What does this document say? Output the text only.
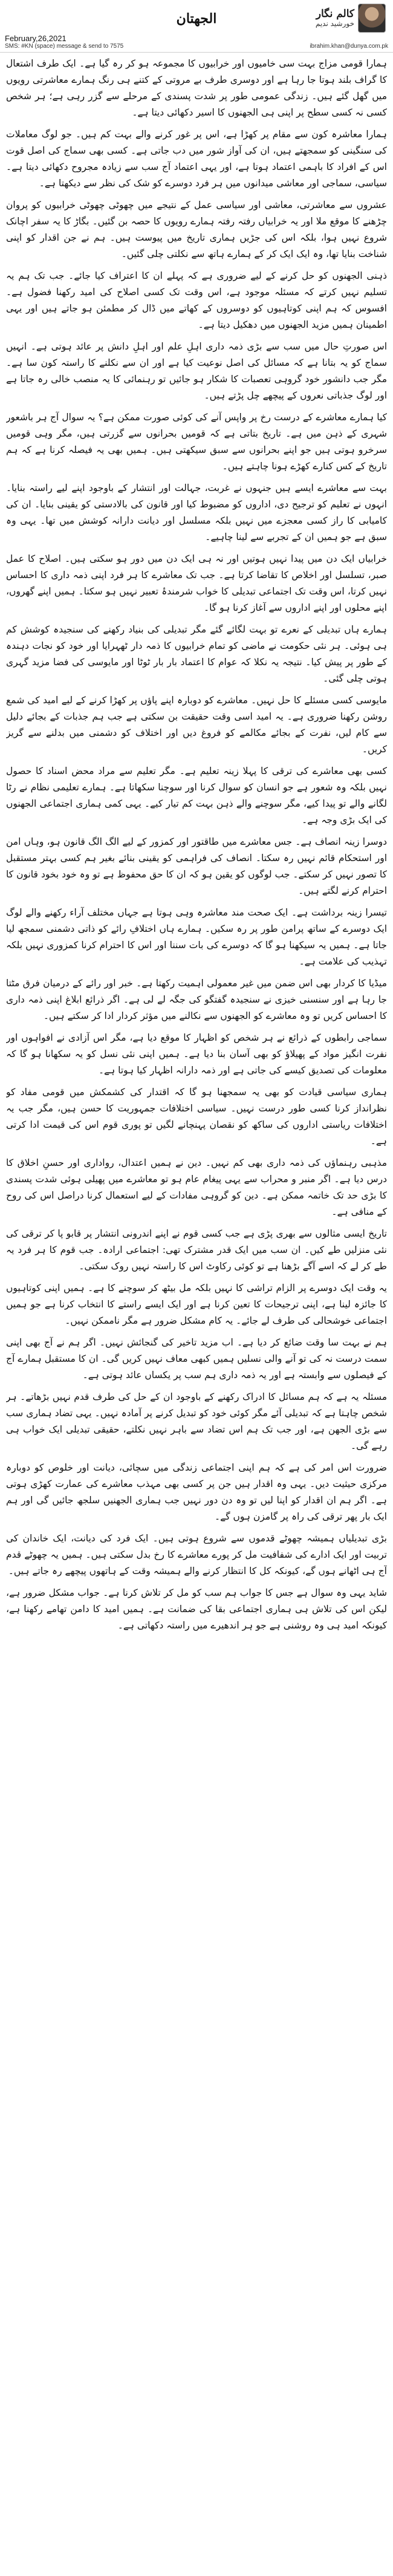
کالم نگار
خورشید ندیم
الجھتان
February,26,2021
SMS: #KN (space) message & send to 7575	ibrahim.khan@dunya.com.pk

ہمارا قومی مزاج بہت سی خامیوں اور خرابیوں کا مجموعہ ہو کر رہ گیا ہے۔ ایک طرف اشتعال کا گراف بلند ہوتا جا رہا ہے اور دوسری طرف بے مروتی کے کتنے ہی رنگ ہمارے معاشرتی رویوں میں گھل گئے ہیں۔ زندگی عمومی طور پر شدت پسندی کے مرحلے سے گزر رہی ہے؛ ہر شخص کسی نہ کسی سطح پر اپنی ہی الجھنوں کا اسیر دکھائی دیتا ہے۔

ہمارا معاشرہ کون سے مقام پر کھڑا ہے، اس پر غور کرنے والے بہت کم ہیں۔ جو لوگ معاملات کی سنگینی کو سمجھتے ہیں، ان کی آواز شور میں دب جاتی ہے۔ کسی بھی سماج کی اصل قوت اس کے افراد کا باہمی اعتماد ہوتا ہے، اور یہی اعتماد آج سب سے زیادہ مجروح دکھائی دیتا ہے۔ سیاسی، سماجی اور معاشی میدانوں میں ہر فرد دوسرے کو شک کی نظر سے دیکھتا ہے۔

عشروں سے معاشرتی، معاشی اور سیاسی عمل کے نتیجے میں چھوٹی چھوٹی خرابیوں کو پروان چڑھنے کا موقع ملا اور یہ خرابیاں رفتہ رفتہ ہمارے رویوں کا حصہ بن گئیں۔ بگاڑ کا یہ سفر اچانک شروع نہیں ہوا، بلکہ اس کی جڑیں ہماری تاریخ میں پیوست ہیں۔ ہم نے جن اقدار کو اپنی شناخت بنایا تھا، وہ ایک ایک کر کے ہمارے ہاتھ سے نکلتی چلی گئیں۔

ذہنی الجھنوں کو حل کرنے کے لیے ضروری ہے کہ پہلے ان کا اعتراف کیا جائے۔ جب تک ہم یہ تسلیم نہیں کرتے کہ مسئلہ موجود ہے، اس وقت تک کسی اصلاح کی امید رکھنا فضول ہے۔ افسوس کہ ہم اپنی کوتاہیوں کو دوسروں کے کھاتے میں ڈال کر مطمئن ہو جاتے ہیں اور یہی اطمینان ہمیں مزید الجھنوں میں دھکیل دیتا ہے۔

اس صورتِ حال میں سب سے بڑی ذمہ داری اہلِ علم اور اہلِ دانش پر عائد ہوتی ہے۔ انہیں سماج کو یہ بتانا ہے کہ مسائل کی اصل نوعیت کیا ہے اور ان سے نکلنے کا راستہ کون سا ہے۔ مگر جب دانشور خود گروہی تعصبات کا شکار ہو جائیں تو رہنمائی کا یہ منصب خالی رہ جاتا ہے اور لوگ جذباتی نعروں کے پیچھے چل پڑتے ہیں۔

کیا ہمارے معاشرے کے درست رخ پر واپس آنے کی کوئی صورت ممکن ہے؟ یہ سوال آج ہر باشعور شہری کے ذہن میں ہے۔ تاریخ بتاتی ہے کہ قومیں بحرانوں سے گزرتی ہیں، مگر وہی قومیں سرخرو ہوتی ہیں جو اپنے بحرانوں سے سبق سیکھتی ہیں۔ ہمیں بھی یہ فیصلہ کرنا ہے کہ ہم تاریخ کے کس کنارے کھڑے ہونا چاہتے ہیں۔

بہت سے معاشرے ایسے ہیں جنہوں نے غربت، جہالت اور انتشار کے باوجود اپنے لیے راستہ بنایا۔ انہوں نے تعلیم کو ترجیح دی، اداروں کو مضبوط کیا اور قانون کی بالادستی کو یقینی بنایا۔ ان کی کامیابی کا راز کسی معجزے میں نہیں بلکہ مسلسل اور دیانت دارانہ کوشش میں تھا۔ یہی وہ سبق ہے جو ہمیں ان کے تجربے سے لینا چاہیے۔

خرابیاں ایک دن میں پیدا نہیں ہوتیں اور نہ ہی ایک دن میں دور ہو سکتی ہیں۔ اصلاح کا عمل صبر، تسلسل اور اخلاص کا تقاضا کرتا ہے۔ جب تک معاشرے کا ہر فرد اپنی ذمہ داری کا احساس نہیں کرتا، اس وقت تک اجتماعی تبدیلی کا خواب شرمندۂ تعبیر نہیں ہو سکتا۔ ہمیں اپنے گھروں، اپنے محلوں اور اپنے اداروں سے آغاز کرنا ہو گا۔

ہمارے ہاں تبدیلی کے نعرے تو بہت لگائے گئے مگر تبدیلی کی بنیاد رکھنے کی سنجیدہ کوشش کم ہی ہوئی۔ ہر نئی حکومت نے ماضی کو تمام خرابیوں کا ذمہ دار ٹھہرایا اور خود کو نجات دہندہ کے طور پر پیش کیا۔ نتیجہ یہ نکلا کہ عوام کا اعتماد بار بار ٹوٹا اور مایوسی کی فضا مزید گہری ہوتی چلی گئی۔

مایوسی کسی مسئلے کا حل نہیں۔ معاشرے کو دوبارہ اپنے پاؤں پر کھڑا کرنے کے لیے امید کی شمع روشن رکھنا ضروری ہے۔ یہ امید اسی وقت حقیقت بن سکتی ہے جب ہم جذبات کے بجائے دلیل سے کام لیں، نفرت کے بجائے مکالمے کو فروغ دیں اور اختلاف کو دشمنی میں بدلنے سے گریز کریں۔

کسی بھی معاشرے کی ترقی کا پہلا زینہ تعلیم ہے۔ مگر تعلیم سے مراد محض اسناد کا حصول نہیں بلکہ وہ شعور ہے جو انسان کو سوال کرنا اور سوچنا سکھاتا ہے۔ ہمارے تعلیمی نظام نے رٹا لگانے والے تو پیدا کیے، مگر سوچنے والے ذہن بہت کم تیار کیے۔ یہی کمی ہماری اجتماعی الجھنوں کی ایک بڑی وجہ ہے۔

دوسرا زینہ انصاف ہے۔ جس معاشرے میں طاقتور اور کمزور کے لیے الگ الگ قانون ہو، وہاں امن اور استحکام قائم نہیں رہ سکتا۔ انصاف کی فراہمی کو یقینی بنائے بغیر ہم کسی بہتر مستقبل کا تصور نہیں کر سکتے۔ جب لوگوں کو یقین ہو کہ ان کا حق محفوظ ہے تو وہ خود بخود قانون کا احترام کرنے لگتے ہیں۔

تیسرا زینہ برداشت ہے۔ ایک صحت مند معاشرہ وہی ہوتا ہے جہاں مختلف آراء رکھنے والے لوگ ایک دوسرے کے ساتھ پرامن طور پر رہ سکیں۔ ہمارے ہاں اختلافِ رائے کو ذاتی دشمنی سمجھ لیا جاتا ہے۔ ہمیں یہ سیکھنا ہو گا کہ دوسرے کی بات سننا اور اس کا احترام کرنا کمزوری نہیں بلکہ تہذیب کی علامت ہے۔

میڈیا کا کردار بھی اس ضمن میں غیر معمولی اہمیت رکھتا ہے۔ خبر اور رائے کے درمیان فرق مٹتا جا رہا ہے اور سنسنی خیزی نے سنجیدہ گفتگو کی جگہ لے لی ہے۔ اگر ذرائع ابلاغ اپنی ذمہ داری کا احساس کریں تو وہ معاشرے کو الجھنوں سے نکالنے میں مؤثر کردار ادا کر سکتے ہیں۔

سماجی رابطوں کے ذرائع نے ہر شخص کو اظہار کا موقع دیا ہے، مگر اس آزادی نے افواہوں اور نفرت انگیز مواد کے پھیلاؤ کو بھی آسان بنا دیا ہے۔ ہمیں اپنی نئی نسل کو یہ سکھانا ہو گا کہ معلومات کی تصدیق کیسے کی جاتی ہے اور ذمہ دارانہ اظہار کیا ہوتا ہے۔

ہماری سیاسی قیادت کو بھی یہ سمجھنا ہو گا کہ اقتدار کی کشمکش میں قومی مفاد کو نظرانداز کرنا کسی طور درست نہیں۔ سیاسی اختلافات جمہوریت کا حسن ہیں، مگر جب یہ اختلافات ریاستی اداروں کی ساکھ کو نقصان پہنچانے لگیں تو پوری قوم اس کی قیمت ادا کرتی ہے۔

مذہبی رہنماؤں کی ذمہ داری بھی کم نہیں۔ دین نے ہمیں اعتدال، رواداری اور حسنِ اخلاق کا درس دیا ہے۔ اگر منبر و محراب سے یہی پیغام عام ہو تو معاشرے میں پھیلی ہوئی شدت پسندی کا بڑی حد تک خاتمہ ممکن ہے۔ دین کو گروہی مفادات کے لیے استعمال کرنا دراصل اس کی روح کے منافی ہے۔

تاریخ ایسی مثالوں سے بھری پڑی ہے جب کسی قوم نے اپنے اندرونی انتشار پر قابو پا کر ترقی کی نئی منزلیں طے کیں۔ ان سب میں ایک قدر مشترک تھی: اجتماعی ارادہ۔ جب قوم کا ہر فرد یہ طے کر لے کہ اسے آگے بڑھنا ہے تو کوئی رکاوٹ اس کا راستہ نہیں روک سکتی۔

یہ وقت ایک دوسرے پر الزام تراشی کا نہیں بلکہ مل بیٹھ کر سوچنے کا ہے۔ ہمیں اپنی کوتاہیوں کا جائزہ لینا ہے، اپنی ترجیحات کا تعین کرنا ہے اور ایک ایسے راستے کا انتخاب کرنا ہے جو ہمیں اجتماعی خوشحالی کی طرف لے جائے۔ یہ کام مشکل ضرور ہے مگر ناممکن نہیں۔

ہم نے بہت سا وقت ضائع کر دیا ہے۔ اب مزید تاخیر کی گنجائش نہیں۔ اگر ہم نے آج بھی اپنی سمت درست نہ کی تو آنے والی نسلیں ہمیں کبھی معاف نہیں کریں گی۔ ان کا مستقبل ہمارے آج کے فیصلوں سے وابستہ ہے اور یہ ذمہ داری ہم سب پر یکساں عائد ہوتی ہے۔

مسئلہ یہ ہے کہ ہم مسائل کا ادراک رکھنے کے باوجود ان کے حل کی طرف قدم نہیں بڑھاتے۔ ہر شخص چاہتا ہے کہ تبدیلی آئے مگر کوئی خود کو تبدیل کرنے پر آمادہ نہیں۔ یہی تضاد ہماری سب سے بڑی الجھن ہے، اور جب تک ہم اس تضاد سے باہر نہیں نکلتے، حقیقی تبدیلی ایک خواب ہی رہے گی۔

ضرورت اس امر کی ہے کہ ہم اپنی اجتماعی زندگی میں سچائی، دیانت اور خلوص کو دوبارہ مرکزی حیثیت دیں۔ یہی وہ اقدار ہیں جن پر کسی بھی مہذب معاشرے کی عمارت کھڑی ہوتی ہے۔ اگر ہم ان اقدار کو اپنا لیں تو وہ دن دور نہیں جب ہماری الجھنیں سلجھ جائیں گی اور ہم ایک بار پھر ترقی کی راہ پر گامزن ہوں گے۔

بڑی تبدیلیاں ہمیشہ چھوٹے قدموں سے شروع ہوتی ہیں۔ ایک فرد کی دیانت، ایک خاندان کی تربیت اور ایک ادارے کی شفافیت مل کر پورے معاشرے کا رخ بدل سکتی ہیں۔ ہمیں یہ چھوٹے قدم آج ہی اٹھانے ہوں گے، کیونکہ کل کا انتظار کرنے والے ہمیشہ وقت کے ہاتھوں پیچھے رہ جاتے ہیں۔

شاید یہی وہ سوال ہے جس کا جواب ہم سب کو مل کر تلاش کرنا ہے۔ جواب مشکل ضرور ہے، لیکن اس کی تلاش ہی ہماری اجتماعی بقا کی ضمانت ہے۔ ہمیں امید کا دامن تھامے رکھنا ہے، کیونکہ امید ہی وہ روشنی ہے جو ہر اندھیرے میں راستہ دکھاتی ہے۔
